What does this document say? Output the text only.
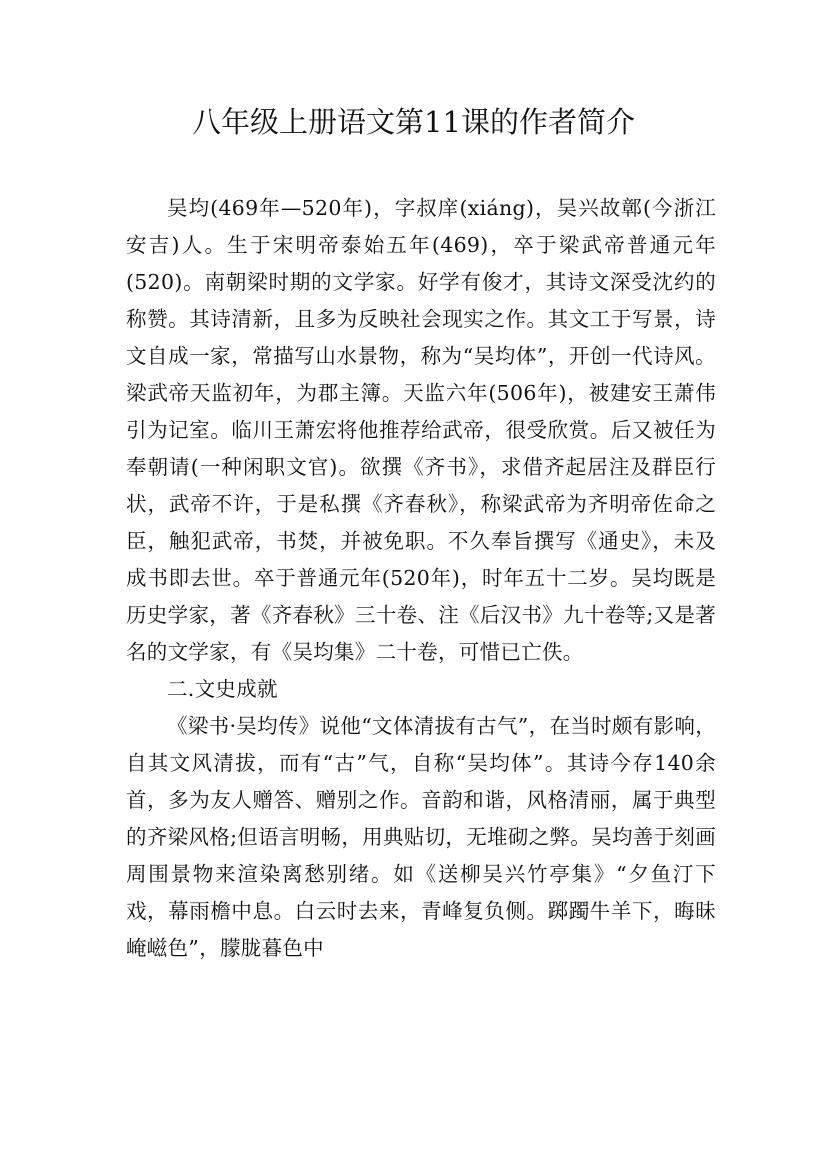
八年级上册语文第11课的作者简介

吴均(469年—520年)，字叔庠(xiáng)，吴兴故鄣(今浙江安吉)人。生于宋明帝泰始五年(469)，卒于梁武帝普通元年(520)。南朝梁时期的文学家。好学有俊才，其诗文深受沈约的称赞。其诗清新，且多为反映社会现实之作。其文工于写景，诗文自成一家，常描写山水景物，称为“吴均体”，开创一代诗风。梁武帝天监初年，为郡主簿。天监六年(506年)，被建安王萧伟引为记室。临川王萧宏将他推荐给武帝，很受欣赏。后又被任为奉朝请(一种闲职文官)。欲撰《齐书》，求借齐起居注及群臣行状，武帝不许，于是私撰《齐春秋》，称梁武帝为齐明帝佐命之臣，触犯武帝，书焚，并被免职。不久奉旨撰写《通史》，未及成书即去世。卒于普通元年(520年)，时年五十二岁。吴均既是历史学家，著《齐春秋》三十卷、注《后汉书》九十卷等;又是著名的文学家，有《吴均集》二十卷，可惜已亡佚。

二.文史成就

《梁书·吴均传》说他“文体清拔有古气”，在当时颇有影响，自其文风清拔，而有“古”气，自称“吴均体”。其诗今存140余首，多为友人赠答、赠别之作。音韵和谐，风格清丽，属于典型的齐梁风格;但语言明畅，用典贴切，无堆砌之弊。吴均善于刻画周围景物来渲染离愁别绪。如《送柳吴兴竹亭集》“夕鱼汀下戏，幕雨檐中息。白云时去来，青峰复负侧。踯躅牛羊下，晦昧崦嵫色”，朦胧暮色中
